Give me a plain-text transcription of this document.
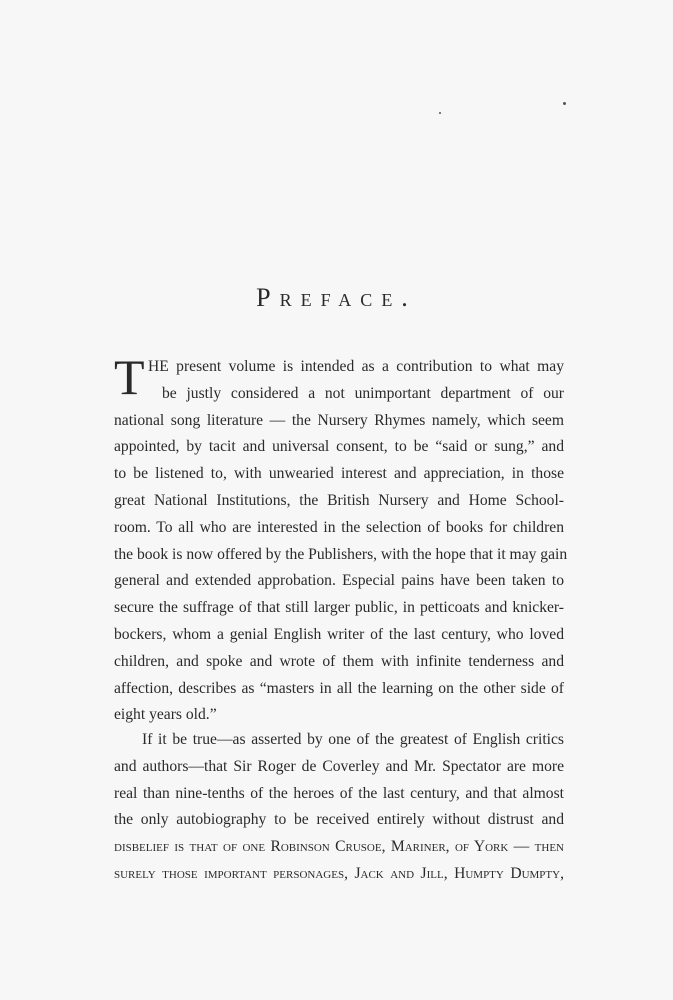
Preface.
T HE present volume is intended as a contribution to what may
be justly considered a not unimportant department of our
national song literature — the Nursery Rhymes namely, which seem
appointed, by tacit and universal consent, to be “said or sung,” and
to be listened to, with unwearied interest and appreciation, in those
great National Institutions, the British Nursery and Home School-
room. To all who are interested in the selection of books for children
the book is now offered by the Publishers, with the hope that it may gain
general and extended approbation. Especial pains have been taken to
secure the suffrage of that still larger public, in petticoats and knicker-
bockers, whom a genial English writer of the last century, who loved
children, and spoke and wrote of them with infinite tenderness and
affection, describes as “masters in all the learning on the other side of
eight years old.”
If it be true—as asserted by one of the greatest of English critics
and authors—that Sir Roger de Coverley and Mr. Spectator are more
real than nine-tenths of the heroes of the last century, and that almost
the only autobiography to be received entirely without distrust and
disbelief is that of one Robinson Crusoe, Mariner, of York — then
surely those important personages, Jack and Jill, Humpty Dumpty,
